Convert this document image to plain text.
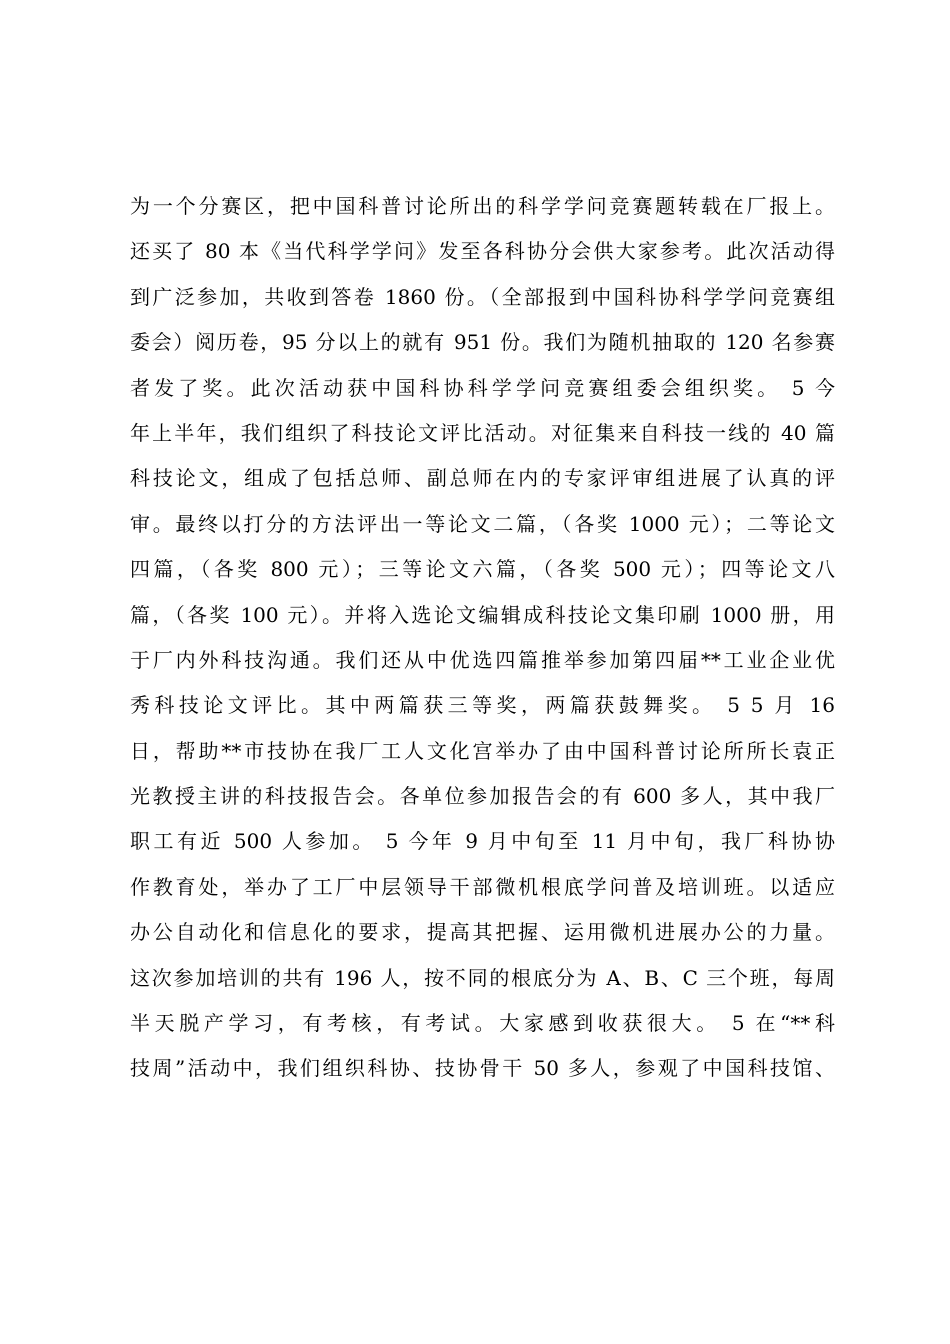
为一个分赛区，把中国科普讨论所出的科学学问竞赛题转载在厂报上。

还买了 80 本《当代科学学问》发至各科协分会供大家参考。此次活动得

到广泛参加，共收到答卷 1860 份。（全部报到中国科协科学学问竞赛组

委会）阅历卷，95 分以上的就有 951 份。我们为随机抽取的 120 名参赛

者发了奖。此次活动获中国科协科学学问竞赛组委会组织奖。 5 今

年上半年，我们组织了科技论文评比活动。对征集来自科技一线的 40 篇

科技论文，组成了包括总师、副总师在内的专家评审组进展了认真的评

审。最终以打分的方法评出一等论文二篇，（各奖 1000 元）；二等论文

四篇，（各奖 800 元）；三等论文六篇，（各奖 500 元）；四等论文八

篇，（各奖 100 元）。并将入选论文编辑成科技论文集印刷 1000 册，用

于厂内外科技沟通。我们还从中优选四篇推举参加第四届**工业企业优

秀科技论文评比。其中两篇获三等奖，两篇获鼓舞奖。 5 5 月 16

日，帮助**市技协在我厂工人文化宫举办了由中国科普讨论所所长袁正

光教授主讲的科技报告会。各单位参加报告会的有 600 多人，其中我厂

职工有近 500 人参加。 5 今年 9 月中旬至 11 月中旬，我厂科协协

作教育处，举办了工厂中层领导干部微机根底学问普及培训班。以适应

办公自动化和信息化的要求，提高其把握、运用微机进展办公的力量。

这次参加培训的共有 196 人，按不同的根底分为 A、B、C 三个班，每周

半天脱产学习，有考核，有考试。大家感到收获很大。 5 在“**科

技周”活动中，我们组织科协、技协骨干 50 多人，参观了中国科技馆、
